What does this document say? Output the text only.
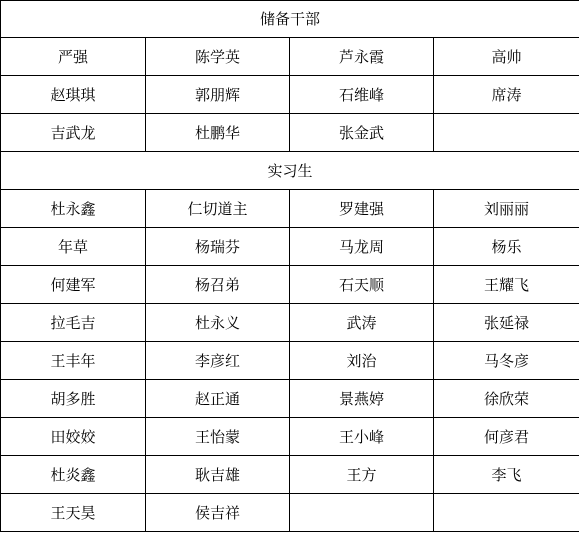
储备干部			
严强	陈学英	芦永霞	高帅
赵琪琪	郭朋辉	石维峰	席涛
吉武龙	杜鹏华	张金武	
实习生			
杜永鑫	仁切道主	罗建强	刘丽丽
年草	杨瑞芬	马龙周	杨乐
何建军	杨召弟	石天顺	王耀飞
拉毛吉	杜永义	武涛	张延禄
王丰年	李彦红	刘治	马冬彦
胡多胜	赵正通	景燕婷	徐欣荣
田姣姣	王怡蒙	王小峰	何彦君
杜炎鑫	耿吉雄	王方	李飞
王天昊	侯吉祥		
